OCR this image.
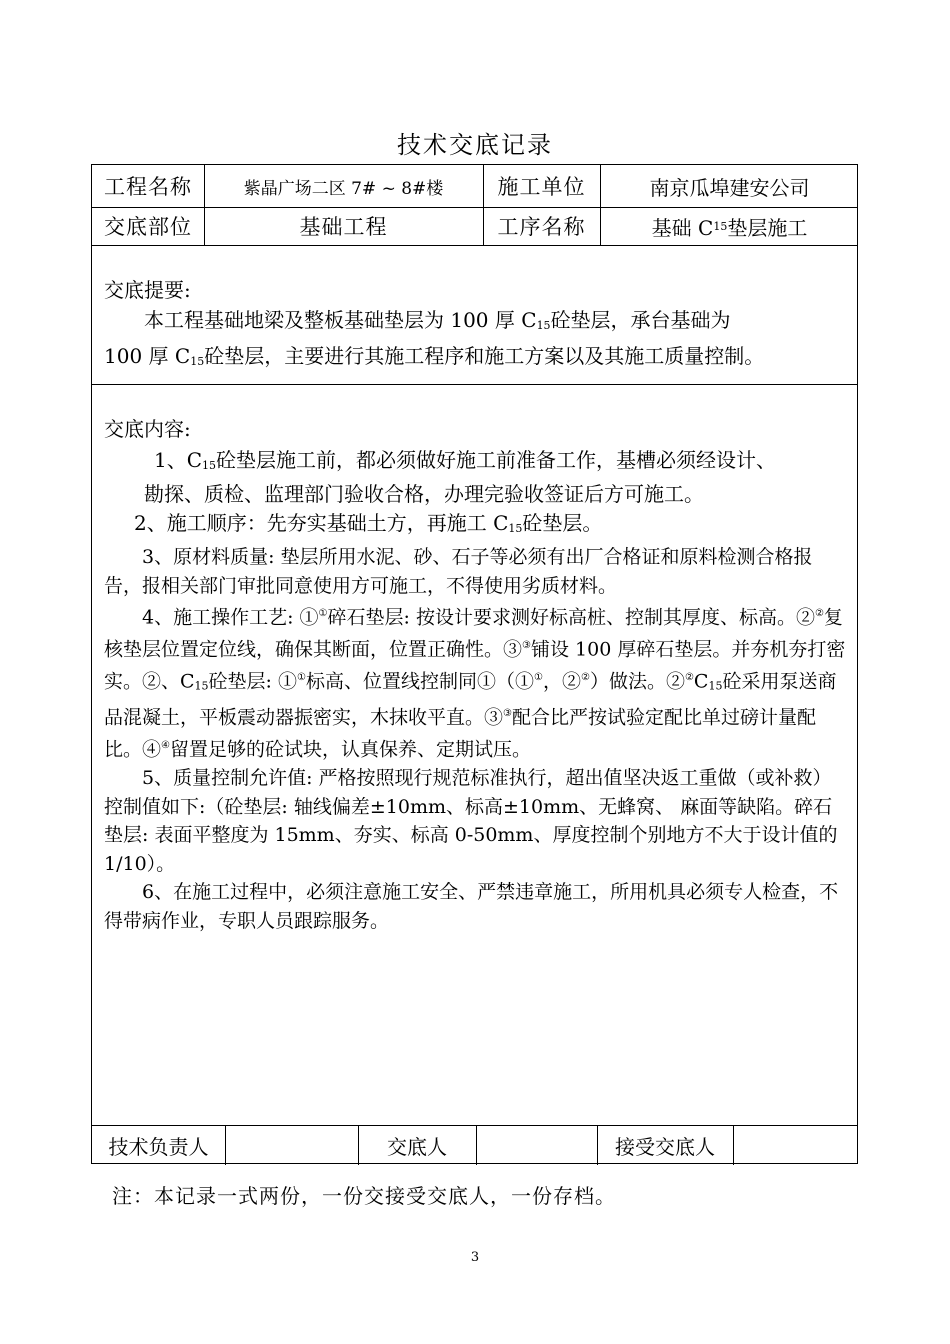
技术交底记录
工程名称	紫晶广场二区 7# ~ 8#楼	施工单位	南京瓜埠建安公司
交底部位	基础工程	工序名称	基础 C 15 垫层施工

交底提要:

本工程基础地梁及整板基础垫层为 100 厚 $C_{15}$砼垫层，承台基础为

100 厚 $C_{15}$砼垫层，主要进行其施工程序和施工方案以及其施工质量控制。

交底内容:

1、$C_{15}$砼垫层施工前，都必须做好施工前准备工作，基槽必须经设计、

勘探、质检、监理部门验收合格，办理完验收签证后方可施工。

2、施工顺序：先夯实基础土方，再施工 $C_{15}$砼垫层。

3、原材料质量: 垫层所用水泥、砂、石子等必须有出厂合格证和原料检测合格报告，报相关部门审批同意使用方可施工，不得使用劣质材料。

4、施工操作工艺: ①①碎石垫层: 按设计要求测好标高桩、控制其厚度、标高。②②复核垫层位置定位线，确保其断面，位置正确性。③③铺设 100 厚碎石垫层。并夯机夯打密实。②、$C_{15}$砼垫层: ①①标高、位置线控制同①（①①，②②）做法。$②^②C_{15}$砼采用泵送商品混凝土，平板震动器振密实，木抹收平直。③③配合比严按试验定配比单过磅计量配比。④④留置足够的砼试块，认真保养、定期试压。

5、质量控制允许值: 严格按照现行规范标准执行，超出值坚决返工重做（或补救）控制值如下:（砼垫层: 轴线偏差±10mm、标高±10mm、无蜂窝、 麻面等缺陷。碎石垫层: 表面平整度为 15mm、夯实、标高 0-50mm、厚度控制个别地方不大于设计值的 1/10）。

6、在施工过程中，必须注意施工安全、严禁违章施工，所用机具必须专人检查，不得带病作业，专职人员跟踪服务。

技术负责人	交底人	接受交底人
注：本记录一式两份，一份交接受交底人，一份存档。
3
